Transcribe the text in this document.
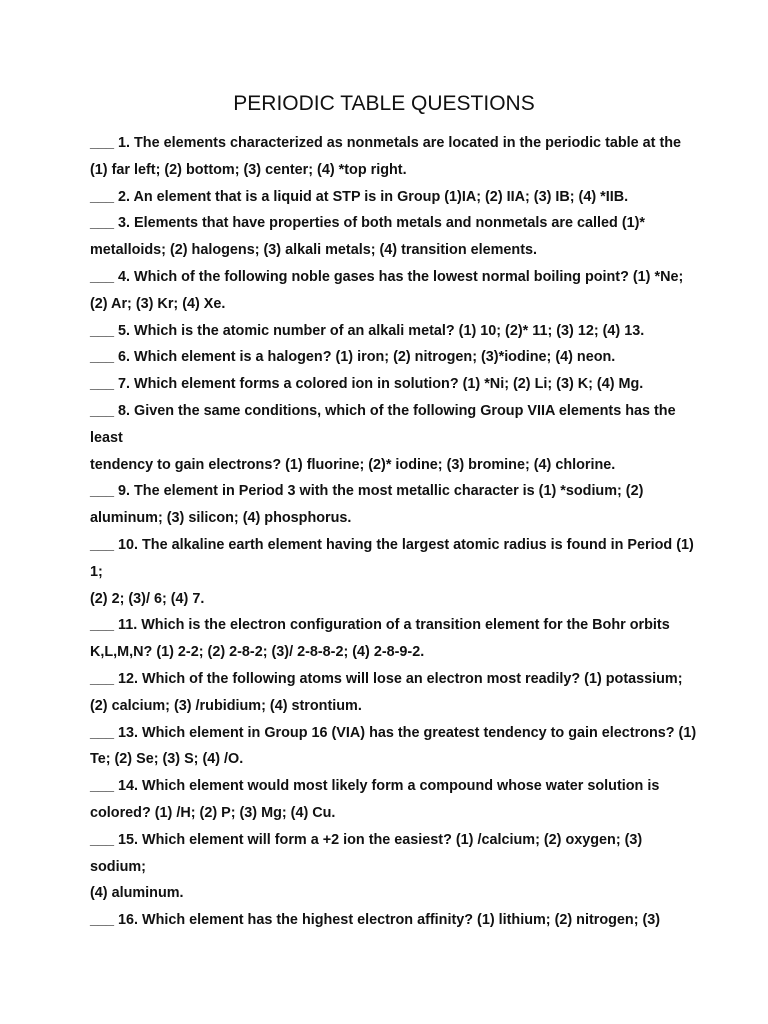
PERIODIC TABLE QUESTIONS
___ 1. The elements characterized as nonmetals are located in the periodic table at the
(1) far left; (2) bottom; (3) center; (4) *top right.
___ 2. An element that is a liquid at STP is in Group (1)IA; (2) IIA; (3) IB; (4) *IIB.
___ 3. Elements that have properties of both metals and nonmetals are called (1)*
metalloids; (2) halogens; (3) alkali metals; (4) transition elements.
___ 4. Which of the following noble gases has the lowest normal boiling point? (1) *Ne;
(2) Ar; (3) Kr; (4) Xe.
___ 5. Which is the atomic number of an alkali metal? (1) 10; (2)* 11; (3) 12; (4) 13.
___ 6. Which element is a halogen? (1) iron; (2) nitrogen; (3)*iodine; (4) neon.
___ 7. Which element forms a colored ion in solution? (1) *Ni; (2) Li; (3) K; (4) Mg.
___ 8. Given the same conditions, which of the following Group VIIA elements has the
least
tendency to gain electrons? (1) fluorine; (2)* iodine; (3) bromine; (4) chlorine.
___ 9. The element in Period 3 with the most metallic character is (1) *sodium; (2)
aluminum; (3) silicon; (4) phosphorus.
___ 10. The alkaline earth element having the largest atomic radius is found in Period (1)
1;
(2) 2; (3)/ 6; (4) 7.
___ 11. Which is the electron configuration of a transition element for the Bohr orbits
K,L,M,N? (1) 2-2; (2) 2-8-2; (3)/ 2-8-8-2; (4) 2-8-9-2.
___ 12. Which of the following atoms will lose an electron most readily? (1) potassium;
(2) calcium; (3) /rubidium; (4) strontium.
___ 13. Which element in Group 16 (VIA) has the greatest tendency to gain electrons? (1)
Te; (2) Se; (3) S; (4) /O.
___ 14. Which element would most likely form a compound whose water solution is
colored? (1) /H; (2) P; (3) Mg; (4) Cu.
___ 15. Which element will form a +2 ion the easiest? (1) /calcium; (2) oxygen; (3)
sodium;
(4) aluminum.
___ 16. Which element has the highest electron affinity? (1) lithium; (2) nitrogen; (3)
